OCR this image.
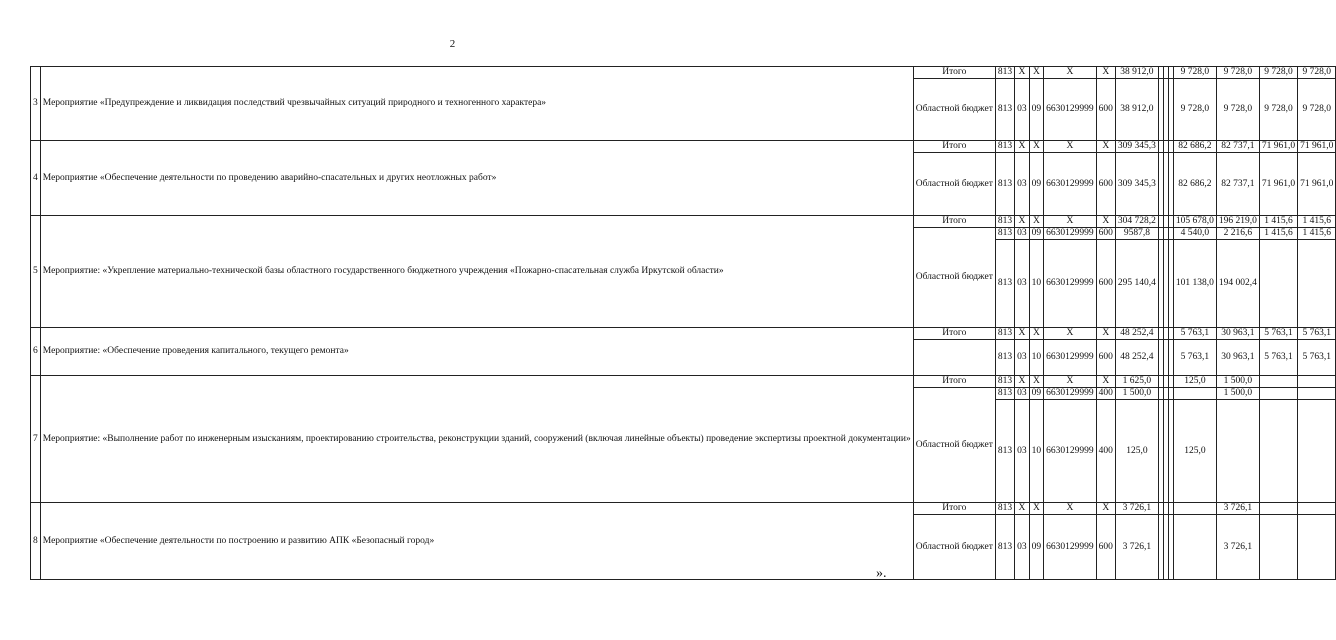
2
3	Мероприятие «Предупреждение и ликвидация последствий чрезвычайных ситуаций природного и техногенного характера»	Итого	813	Х	Х	Х	Х	38 912,0				9 728,0	9 728,0	9 728,0	9 728,0
		Областной бюджет	813	03	09	6630129999	600	38 912,0				9 728,0	9 728,0	9 728,0	9 728,0
4	Мероприятие «Обеспечение деятельности по проведению аварийно-спасательных и других неотложных работ»	Итого	813	Х	Х	Х	Х	309 345,3				82 686,2	82 737,1	71 961,0	71 961,0
		Областной бюджет	813	03	09	6630129999	600	309 345,3				82 686,2	82 737,1	71 961,0	71 961,0
5	Мероприятие: «Укрепление материально-технической базы областного государственного бюджетного учреждения «Пожарно-спасательная служба Иркутской области»	Итого	813	Х	Х	Х	Х	304 728,2				105 678,0	196 219,0	1 415,6	1 415,6
		Областной бюджет	813	03	09	6630129999	600	9587,8				4 540,0	2 216,6	1 415,6	1 415,6
			813	03	10	6630129999	600	295 140,4				101 138,0	194 002,4		
6	Мероприятие: «Обеспечение проведения капитального, текущего ремонта»	Итого	813	Х	Х	Х	Х	48 252,4				5 763,1	30 963,1	5 763,1	5 763,1
			813	03	10	6630129999	600	48 252,4				5 763,1	30 963,1	5 763,1	5 763,1
7	Мероприятие: «Выполнение работ по инженерным изысканиям, проектированию строительства, реконструкции зданий, сооружений (включая линейные объекты) проведение экспертизы проектной документации»	Итого	813	Х	Х	Х	Х	1 625,0				125,0	1 500,0		
		Областной бюджет	813	03	09	6630129999	400	1 500,0					1 500,0		
			813	03	10	6630129999	400	125,0				125,0			
8	Мероприятие «Обеспечение деятельности по построению и развитию АПК «Безопасный город»	Итого	813	Х	Х	Х	Х	3 726,1					3 726,1		
		Областной бюджет	813	03	09	6630129999	600	3 726,1					3 726,1		
».
